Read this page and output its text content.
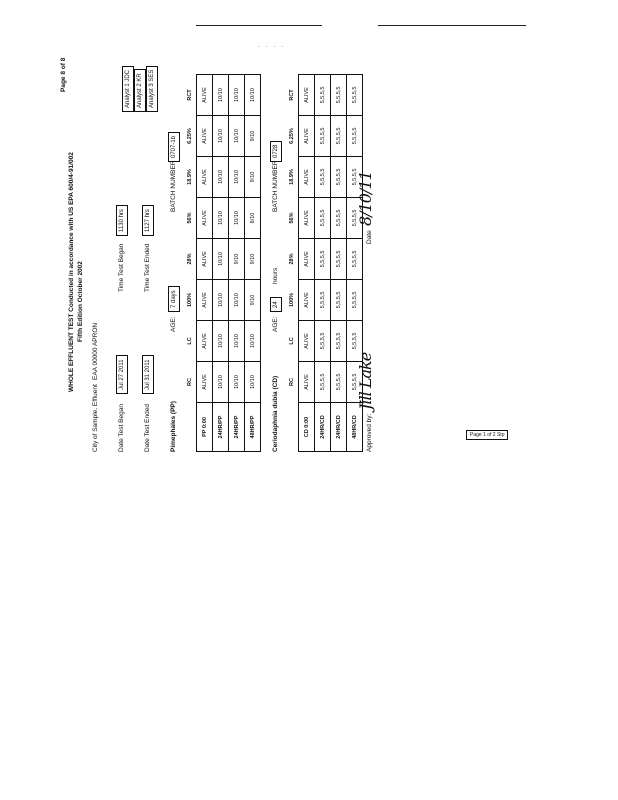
· · · ·
Page 8 of 8
WHOLE EFFLUENT TEST Conducted in accordance with US EPA 600/4-91/002 Fifth Edition October 2002
City of Sample, Effluent
EAA 00000 APRON
Date Test Began
Jul 27 2011
Time Test Began
1130 hrs
Date Test Ended
Jul 31 2011
Time Test Ended
1127 hrs
Analyst 1 JDC	Analyst 2 KR	Analyst 3 SES
Pimephales (PP)
AGE:
7 days
BATCH NUMBER
0707-1b
	RC	LC	100%	28%	56%	18.9%	6.25%	RCT
PP 0:00	ALIVE	ALIVE	ALIVE	ALIVE	ALIVE	ALIVE	ALIVE	ALIVE
24HR/PP	10/10	10/10	10/10	10/10	10/10	10/10	10/10	10/10
24HR/PP	10/10	10/10	10/10	9/10	10/10	10/10	10/10	10/10
48HR/PP	10/10	10/10	9/10	9/10	8/10	9/10	9/10	10/10
Ceriodaphnia dubia (CD)
AGE:
24
hours
BATCH NUMBER
0728
	RC	LC	100%	28%	56%	18.9%	6.25%	RCT
CD 0:00	ALIVE	ALIVE	ALIVE	ALIVE	ALIVE	ALIVE	ALIVE	ALIVE
24HR/CD	5,5,5,5	5,5,5,5	5,5,5,5	5,5,5,5	5,5,5,5	5,5,5,5	5,5,5,5	5,5,5,5
24HR/CD	5,5,5,5	5,5,5,5	5,5,5,5	5,5,5,5	5,5,5,5	5,5,5,5	5,5,5,5	5,5,5,5
48HR/CD	5,5,5,5	5,5,5,5	5,5,5,5	5,5,5,5	5,5,5,5	5,5,5,5	5,5,5,5	5,5,5,5
Approved by:
Jill Lake
Date
8/10/11
Page 1 of 2 Stp
